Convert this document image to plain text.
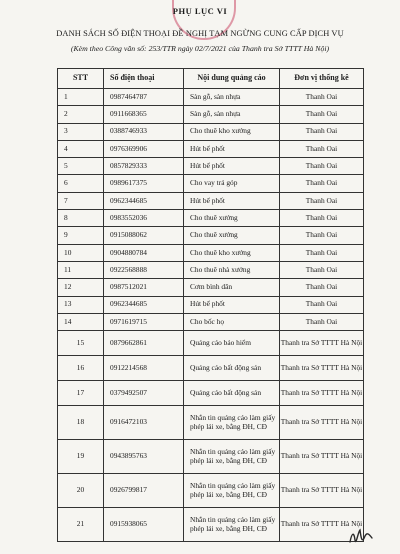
PHỤ LỤC VI
DANH SÁCH SỐ ĐIỆN THOẠI ĐỀ NGHỊ TẠM NGỪNG CUNG CẤP DỊCH VỤ
(Kèm theo Công văn số: 253/TTR ngày 02/7/2021 của Thanh tra Sở TTTT Hà Nội)
STT	Số điện thoại	Nội dung quảng cáo	Đơn vị thống kê
1	0987464787	Sàn gỗ, sàn nhựa	Thanh Oai
2	0911668365	Sàn gỗ, sàn nhựa	Thanh Oai
3	0388746933	Cho thuê kho xưởng	Thanh Oai
4	0976369906	Hút bể phốt	Thanh Oai
5	0857829333	Hút bể phốt	Thanh Oai
6	0989617375	Cho vay trả góp	Thanh Oai
7	0962344685	Hút bể phốt	Thanh Oai
8	0983552036	Cho thuê xưởng	Thanh Oai
9	0915088062	Cho thuê xưởng	Thanh Oai
10	0904880784	Cho thuê kho xưởng	Thanh Oai
11	0922568888	Cho thuê nhà xưởng	Thanh Oai
12	0987512021	Cơm bình dân	Thanh Oai
13	0962344685	Hút bể phốt	Thanh Oai
14	0971619715	Cho bốc họ	Thanh Oai
15	0879662861	Quảng cáo bảo hiểm	Thanh tra Sở TTTT Hà Nội
16	0912214568	Quảng cáo bất động sản	Thanh tra Sở TTTT Hà Nội
17	0379492507	Quảng cáo bất động sản	Thanh tra Sở TTTT Hà Nội
18	0916472103	Nhắn tin quảng cáo làm giấy phép lái xe, bằng ĐH, CĐ	Thanh tra Sở TTTT Hà Nội
19	0943895763	Nhắn tin quảng cáo làm giấy phép lái xe, bằng ĐH, CĐ	Thanh tra Sở TTTT Hà Nội
20	0926799817	Nhắn tin quảng cáo làm giấy phép lái xe, bằng ĐH, CĐ	Thanh tra Sở TTTT Hà Nội
21	0915938065	Nhắn tin quảng cáo làm giấy phép lái xe, bằng ĐH, CĐ	Thanh tra Sở TTTT Hà Nội
